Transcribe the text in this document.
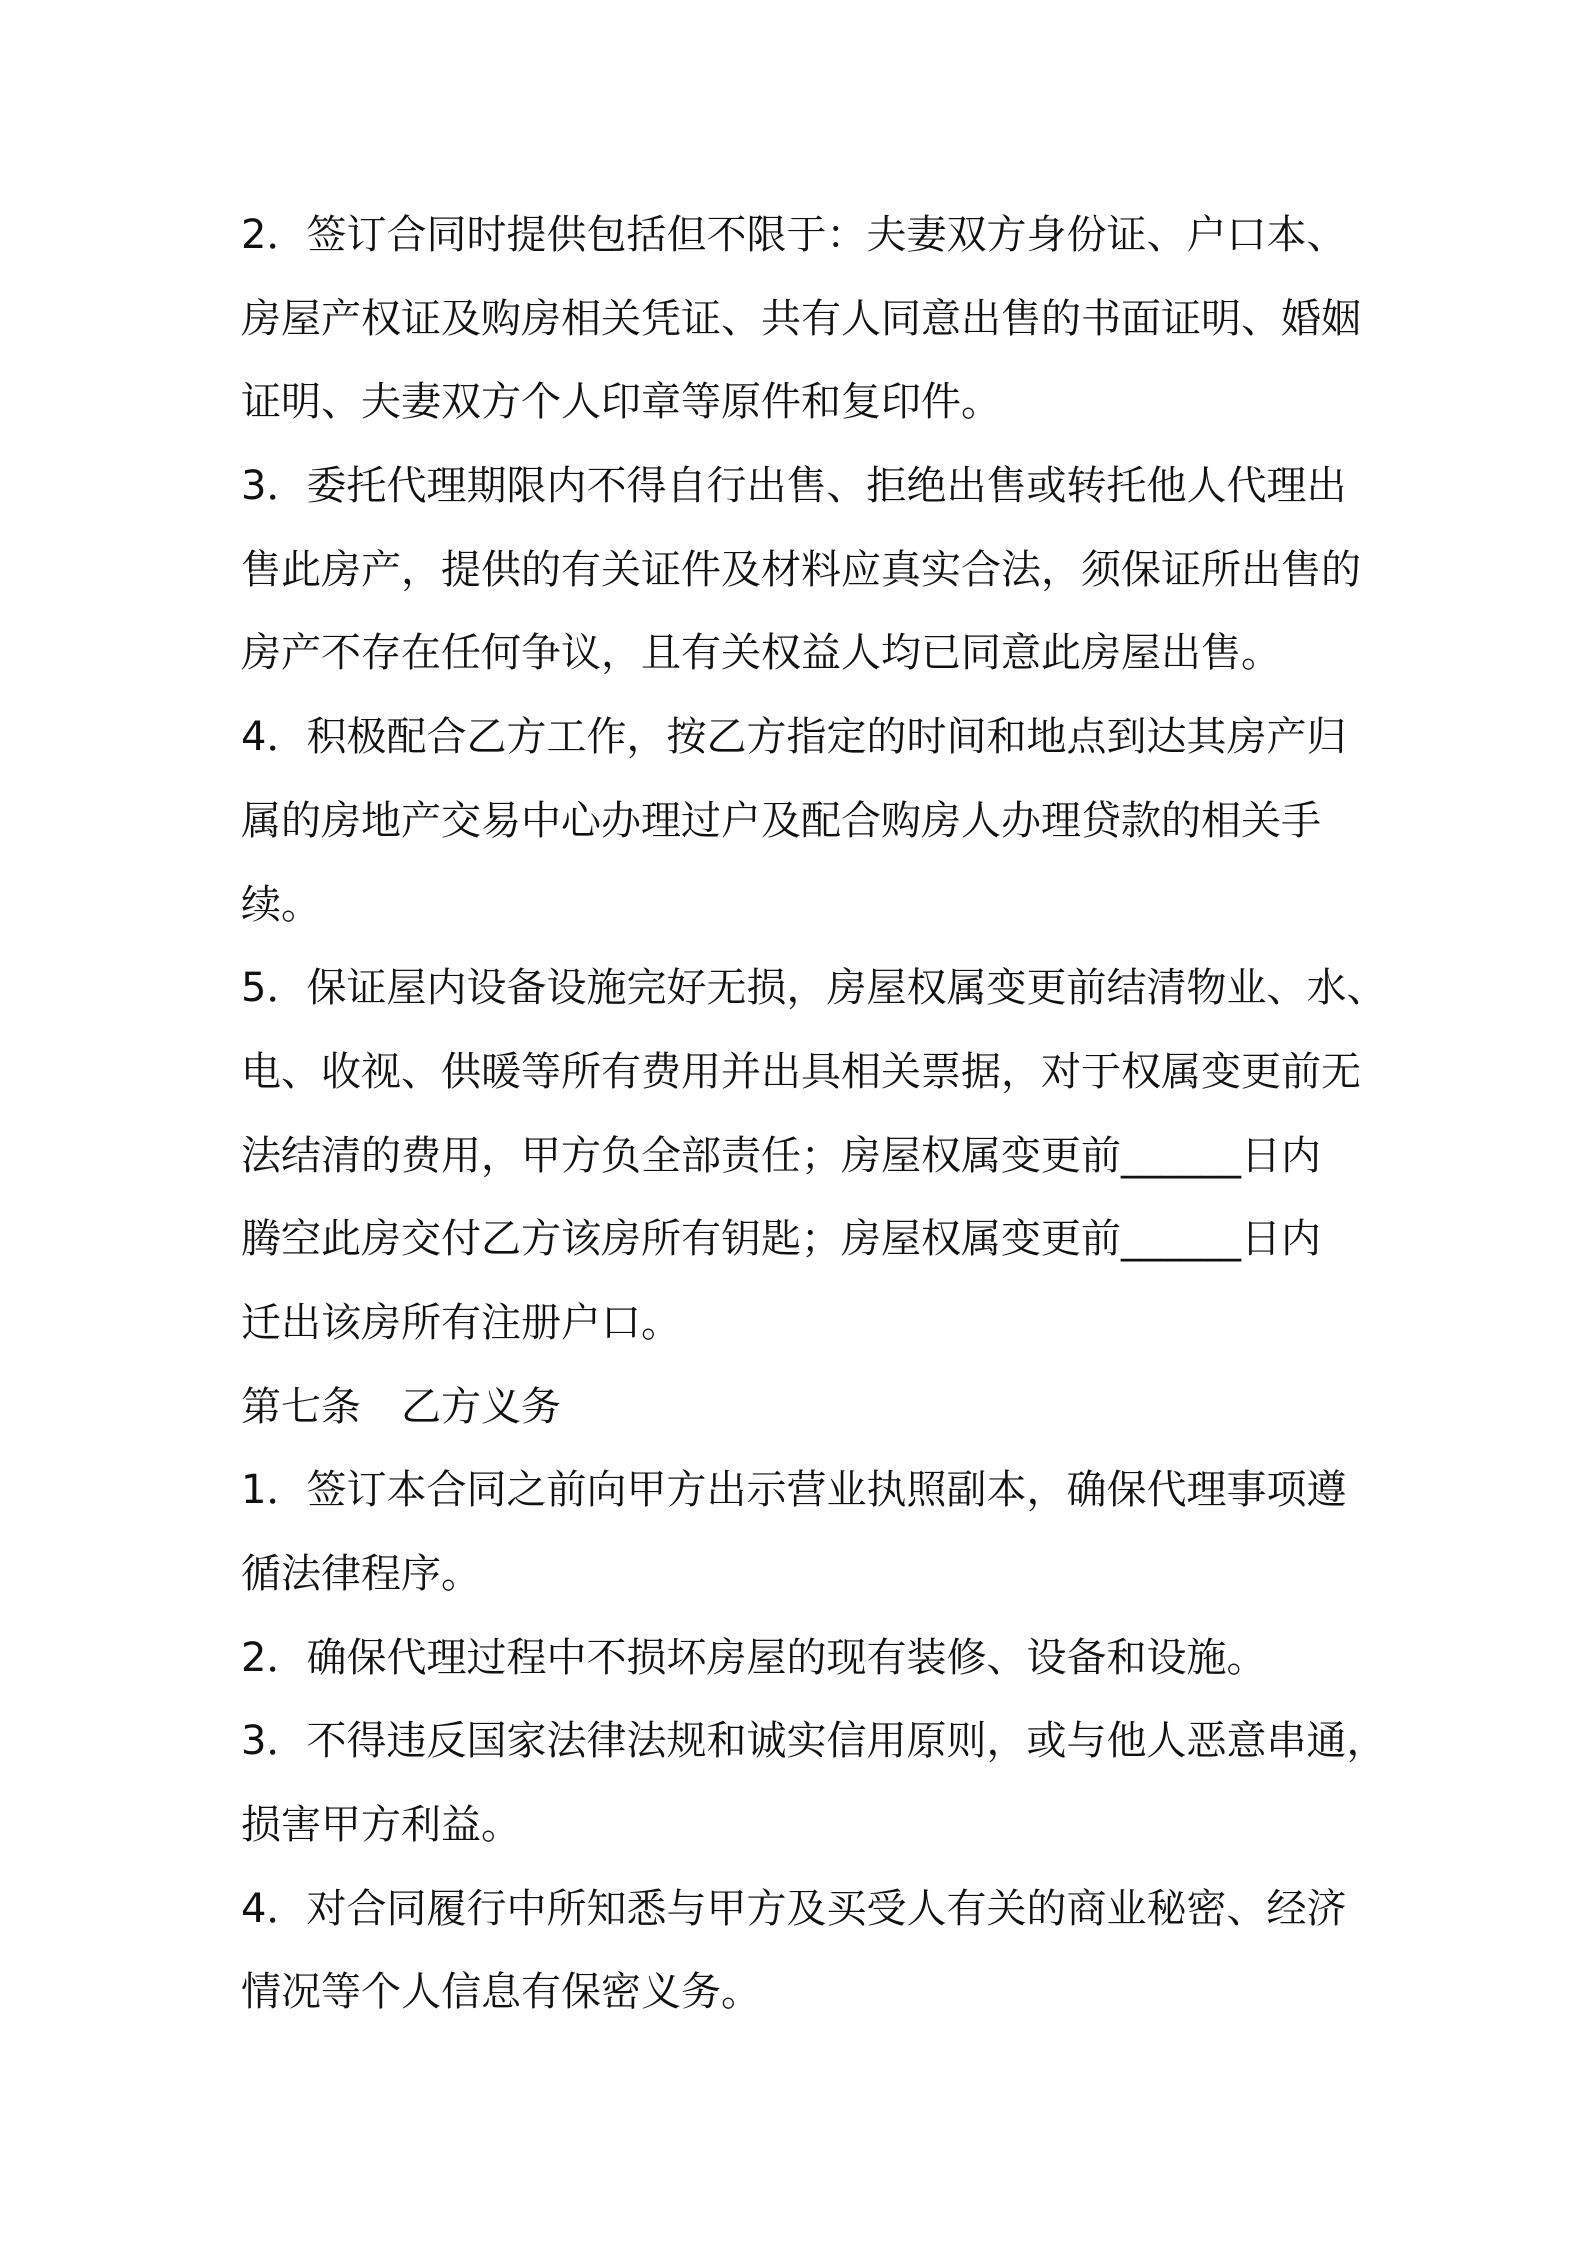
2．签订合同时提供包括但不限于：夫妻双方身份证、户口本、
房屋产权证及购房相关凭证、共有人同意出售的书面证明、婚姻
证明、夫妻双方个人印章等原件和复印件。
3．委托代理期限内不得自行出售、拒绝出售或转托他人代理出
售此房产，提供的有关证件及材料应真实合法，须保证所出售的
房产不存在任何争议，且有关权益人均已同意此房屋出售。
4．积极配合乙方工作，按乙方指定的时间和地点到达其房产归
属的房地产交易中心办理过户及配合购房人办理贷款的相关手
续。
5．保证屋内设备设施完好无损，房屋权属变更前结清物业、水、
电、收视、供暖等所有费用并出具相关票据，对于权属变更前无
法结清的费用，甲方负全部责任；房屋权属变更前______日内
腾空此房交付乙方该房所有钥匙；房屋权属变更前______日内
迁出该房所有注册户口。
第七条　乙方义务
1．签订本合同之前向甲方出示营业执照副本，确保代理事项遵
循法律程序。
2．确保代理过程中不损坏房屋的现有装修、设备和设施。
3．不得违反国家法律法规和诚实信用原则，或与他人恶意串通，
损害甲方利益。
4．对合同履行中所知悉与甲方及买受人有关的商业秘密、经济
情况等个人信息有保密义务。
